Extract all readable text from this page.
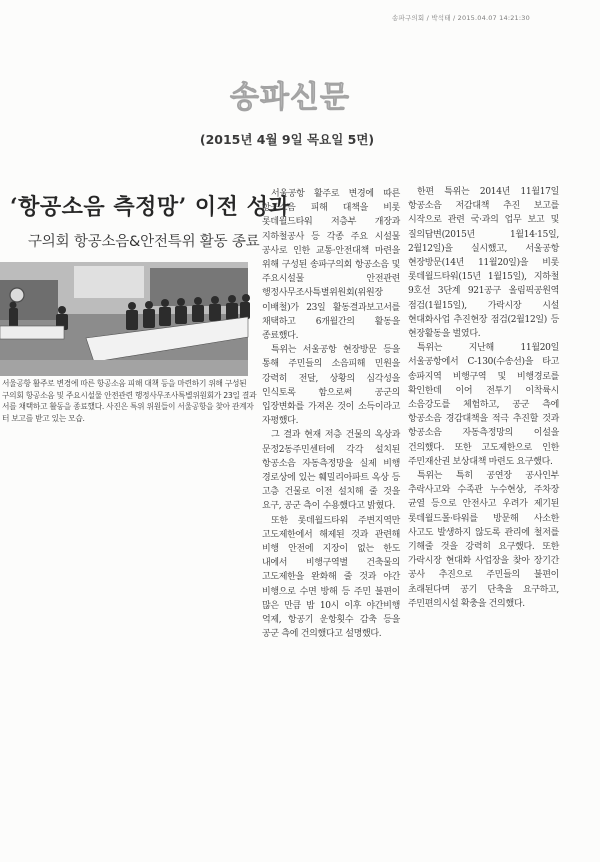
송파구의회 / 박석태 / 2015.04.07 14:21:30
송파신문
(2015년 4월 9일 목요일 5면)
‘항공소음 측정망’ 이전 성과
구의회 항공소음&안전특위 활동 종료
서울공항 활주로 변경에 따른 항공소음 피해 대책 등을 마련하기 위해 구성된
구의회 항공소음 및 주요시설물 안전관련 행정사무조사특별위원회가 23일 결과
서를 채택하고 활동을 종료했다. 사진은 특위 위원들이 서울공항을 찾아 관계자
터 보고를 받고 있는 모습.

서울공항 활주로 변경에 따른 항공소음 피해 대책을 비롯 롯데월드타워 저층부 개장과 지하철공사 등 각종 주요 시설물 공사로 인한 교통·안전대책 마련을 위해 구성된 송파구의회 항공소음 및 주요시설물 안전관련 행정사무조사특별위원회(위원장 이배철)가 23일 활동결과보고서를 채택하고 6개월간의 활동을 종료했다.

특위는 서울공항 현장방문 등을 통해 주민들의 소음피해 민원을 강력히 전달, 상황의 심각성을 인식토록 함으로써 공군의 입장변화를 가져온 것이 소득이라고 자평했다.

그 결과 현재 저층 건물의 옥상과 문정2동주민센터에 각각 설치된 항공소음 자동측정망을 실제 비행 경로상에 있는 훼밀리아파트 옥상 등 고층 건물로 이전 설치해 줄 것을 요구, 공군 측이 수용했다고 밝혔다.

또한 롯데월드타워 주변지역만 고도제한에서 해제된 것과 관련해 비행 안전에 지장이 없는 한도 내에서 비행구역별 건축물의 고도제한을 완화해 줄 것과 야간 비행으로 수면 방해 등 주민 불편이 많은 만큼 밤 10시 이후 야간비행 억제, 항공기 운항횟수 감축 등을 공군 측에 건의했다고 설명했다.

한편 특위는 2014년 11월17일 항공소음 저감대책 추진 보고를 시작으로 관련 국·과의 업무 보고 및 질의답변(2015년 1월14·15일, 2월12일)을 실시했고, 서울공항 현장방문(14년 11월20일)을 비롯 롯데월드타워(15년 1월15일), 지하철 9호선 3단계 921공구 올림픽공원역 점검(1월15일), 가락시장 시설 현대화사업 추진현장 점검(2월12일) 등 현장활동을 벌였다.

특위는 지난해 11월20일 서울공항에서 C-130(수송선)을 타고 송파지역 비행구역 및 비행경로를 확인한데 이어 전투기 이착륙시 소음강도를 체험하고, 공군 측에 항공소음 경감대책을 적극 추진할 것과 항공소음 자동측정망의 이설을 건의했다. 또한 고도제한으로 인한 주민재산권 보상대책 마련도 요구했다.

특위는 특히 공연장 공사인부 추락사고와 수족관 누수현상, 주차장 균열 등으로 안전사고 우려가 제기된 롯데월드몰·타워를 방문해 사소한 사고도 발생하지 않도록 관리에 철저를 기해줄 것을 강력히 요구했다. 또한 가락시장 현대화 사업장을 찾아 장기간 공사 추진으로 주민들의 불편이 초래된다며 공기 단축을 요구하고, 주민편의시설 확충을 건의했다.
